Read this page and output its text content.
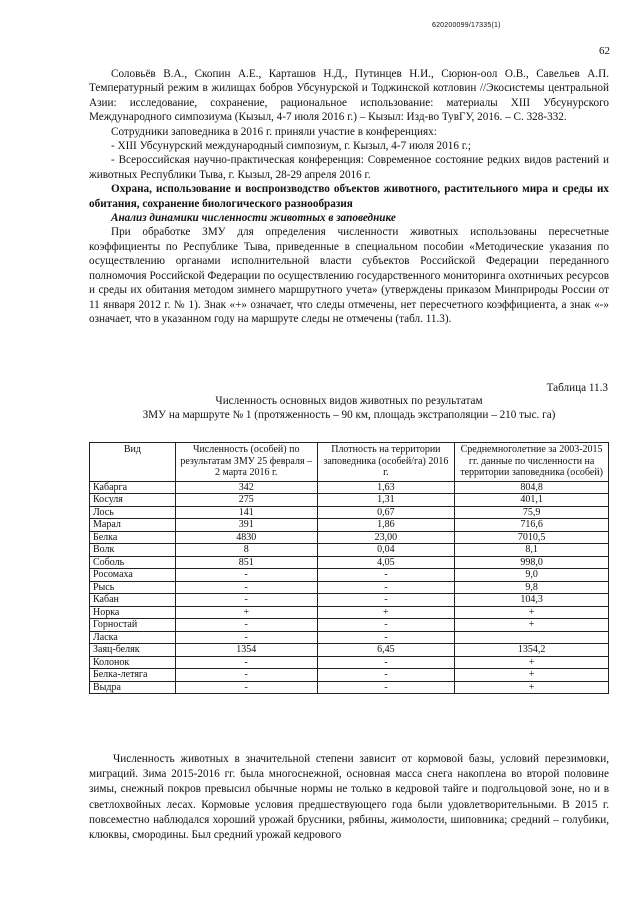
620200099/17335(1)
62

Соловьёв В.А., Скопин А.Е., Карташов Н.Д., Путинцев Н.И., Сюрюн-оол О.В., Савельев А.П. Температурный режим в жилищах бобров Убсунурской и Тоджинской котловин //Экосистемы центральной Азии: исследование, сохранение, рациональное использование: материалы XIII Убсунурского Международного симпозиума (Кызыл, 4-7 июля 2016 г.) – Кызыл: Изд-во ТувГУ, 2016. – С. 328-332.

Сотрудники заповедника в 2016 г. приняли участие в конференциях:

- XIII Убсунурский международный симпозиум, г. Кызыл, 4-7 июля 2016 г.;

- Всероссийская научно-практическая конференция: Современное состояние редких видов растений и животных Республики Тыва, г. Кызыл, 28-29 апреля 2016 г.

Охрана, использование и воспроизводство объектов животного, растительного мира и среды их обитания, сохранение биологического разнообразия

Анализ динамики численности животных в заповеднике

При обработке ЗМУ для определения численности животных использованы пересчетные коэффициенты по Республике Тыва, приведенные в специальном пособии «Методические указания по осуществлению органами исполнительной власти субъектов Российской Федерации переданного полномочия Российской Федерации по осуществлению государственного мониторинга охотничьих ресурсов и среды их обитания методом зимнего маршрутного учета» (утверждены приказом Минприроды России от 11 января 2012 г. № 1). Знак «+» означает, что следы отмечены, нет пересчетного коэффициента, а знак «-» означает, что в указанном году на маршруте следы не отмечены (табл. 11.3).

Таблица 11.3
Численность основных видов животных по результатам
ЗМУ на маршруте № 1 (протяженность – 90 км, площадь экстраполяции – 210 тыс. га)
Вид	Численность (особей) по результатам ЗМУ 25 февраля – 2 марта 2016 г.	Плотность на территории заповедника (особей/га) 2016 г.	Среднемноголетние за 2003-2015 гг. данные по численности на территории заповедника (особей)
Кабарга	342	1,63	804,8
Косуля	275	1,31	401,1
Лось	141	0,67	75,9
Марал	391	1,86	716,6
Белка	4830	23,00	7010,5
Волк	8	0,04	8,1
Соболь	851	4,05	998,0
Росомаха	-	-	9,0
Рысь	-	-	9,8
Кабан	-	-	104,3
Норка	+	+	+
Горностай	-	-	+
Ласка	-	-	
Заяц-беляк	1354	6,45	1354,2
Колонок	-	-	+
Белка-летяга	-	-	+
Выдра	-	-	+

Численность животных в значительной степени зависит от кормовой базы, условий перезимовки, миграций. Зима 2015-2016 гг. была многоснежной, основная масса снега накоплена во второй половине зимы, снежный покров превысил обычные нормы не только в кедровой тайге и подгольцовой зоне, но и в светлохвойных лесах. Кормовые условия предшествующего года были удовлетворительными. В 2015 г. повсеместно наблюдался хороший урожай брусники, рябины, жимолости, шиповника; средний – голубики, клюквы, смородины. Был средний урожай кедрового
